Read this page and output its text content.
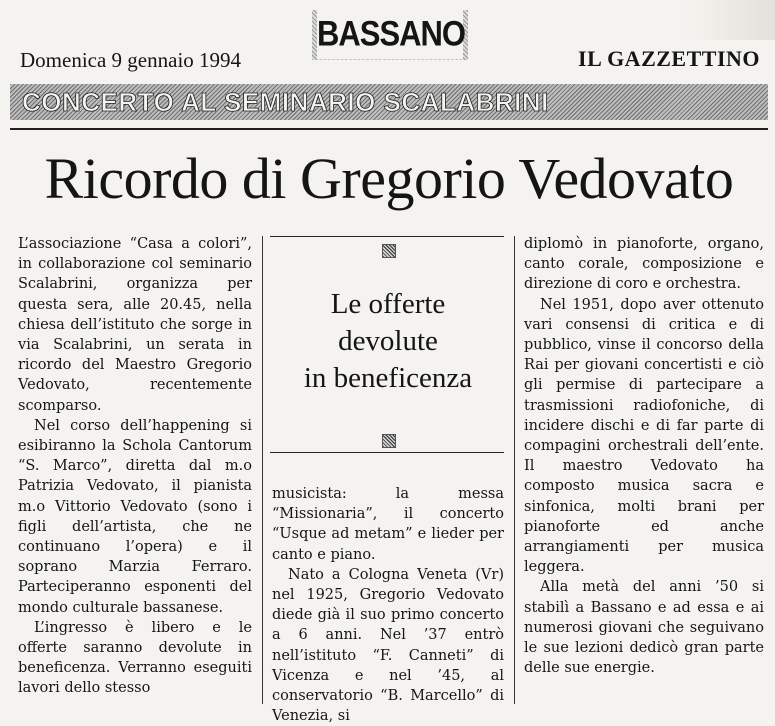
BASSANO
Domenica 9 gennaio 1994	IL GAZZETTINO
CONCERTO AL SEMINARIO SCALABRINI
Ricordo di Gregorio Vedovato

L’associazione “Casa a colori”, in collaborazione col seminario Scalabrini, organizza per questa sera, alle 20.45, nella chiesa dell’istituto che sorge in via Scalabrini, un serata in ricordo del Maestro Gregorio Vedovato, recentemente scomparso.

Nel corso dell’happening si esibiranno la Schola Cantorum “S. Marco”, diretta dal m.o Patrizia Vedovato, il pianista m.o Vittorio Vedovato (sono i figli dell’artista, che ne continuano l’opera) e il soprano Marzia Ferraro. Parteciperanno esponenti del mondo culturale bassanese.

L’ingresso è libero e le offerte saranno devolute in beneficenza. Verranno eseguiti lavori dello stesso

Le offerte
devolute
in beneficenza

musicista: la messa “Missionaria”, il concerto “Usque ad metam” e lieder per canto e piano.

Nato a Cologna Veneta (Vr) nel 1925, Gregorio Vedovato diede già il suo primo concerto a 6 anni. Nel ’37 entrò nell’istituto “F. Canneti” di Vicenza e nel ’45, al conservatorio “B. Marcello” di Venezia, si

diplomò in pianoforte, organo, canto corale, composizione e direzione di coro e orchestra.

Nel 1951, dopo aver ottenuto vari consensi di critica e di pubblico, vinse il concorso della Rai per giovani concertisti e ciò gli permise di partecipare a trasmissioni radiofoniche, di incidere dischi e di far parte di compagini orchestrali dell’ente. Il maestro Vedovato ha composto musica sacra e sinfonica, molti brani per pianoforte ed anche arrangiamenti per musica leggera.

Alla metà del anni ’50 si stabilì a Bassano e ad essa e ai numerosi giovani che seguivano le sue lezioni dedicò gran parte delle sue energie.
